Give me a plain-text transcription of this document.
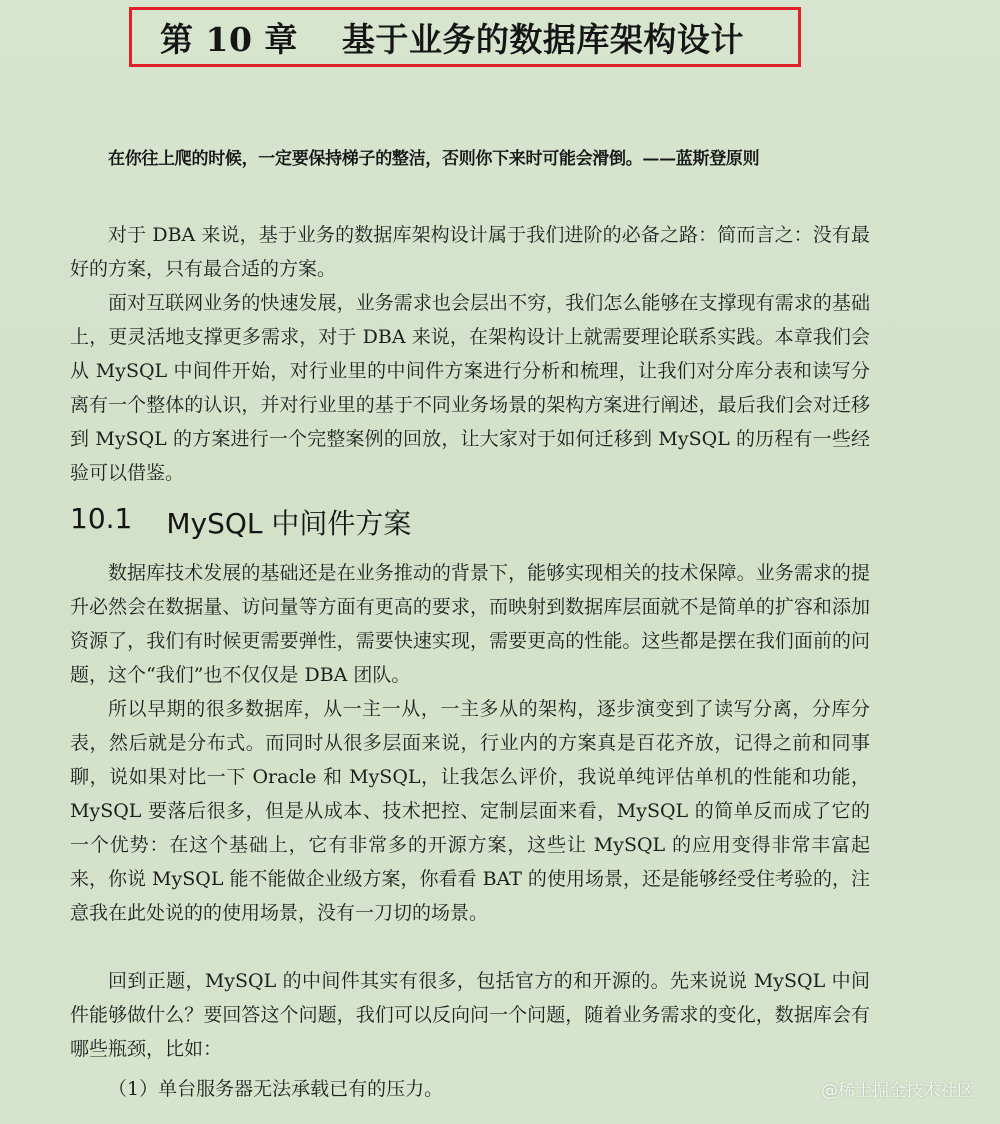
第 10 章 基于业务的数据库架构设计
在你往上爬的时候，一定要保持梯子的整洁，否则你下来时可能会滑倒。——蓝斯登原则

对于 DBA 来说，基于业务的数据库架构设计属于我们进阶的必备之路：简而言之：没有最好的方案，只有最合适的方案。

面对互联网业务的快速发展，业务需求也会层出不穷，我们怎么能够在支撑现有需求的基础上，更灵活地支撑更多需求，对于 DBA 来说，在架构设计上就需要理论联系实践。本章我们会从 MySQL 中间件开始，对行业里的中间件方案进行分析和梳理，让我们对分库分表和读写分离有一个整体的认识，并对行业里的基于不同业务场景的架构方案进行阐述，最后我们会对迁移到 MySQL 的方案进行一个完整案例的回放，让大家对于如何迁移到 MySQL 的历程有一些经验可以借鉴。

10.1 MySQL 中间件方案

数据库技术发展的基础还是在业务推动的背景下，能够实现相关的技术保障。业务需求的提升必然会在数据量、访问量等方面有更高的要求，而映射到数据库层面就不是简单的扩容和添加资源了，我们有时候更需要弹性，需要快速实现，需要更高的性能。这些都是摆在我们面前的问题，这个“我们”也不仅仅是 DBA 团队。

所以早期的很多数据库，从一主一从，一主多从的架构，逐步演变到了读写分离，分库分表，然后就是分布式。而同时从很多层面来说，行业内的方案真是百花齐放，记得之前和同事聊，说如果对比一下 Oracle 和 MySQL，让我怎么评价，我说单纯评估单机的性能和功能，MySQL 要落后很多，但是从成本、技术把控、定制层面来看，MySQL 的简单反而成了它的一个优势：在这个基础上，它有非常多的开源方案，这些让 MySQL 的应用变得非常丰富起来，你说 MySQL 能不能做企业级方案，你看看 BAT 的使用场景，还是能够经受住考验的，注意我在此处说的的使用场景，没有一刀切的场景。

回到正题，MySQL 的中间件其实有很多，包括官方的和开源的。先来说说 MySQL 中间件能够做什么？要回答这个问题，我们可以反向问一个问题，随着业务需求的变化，数据库会有哪些瓶颈，比如：

（1）单台服务器无法承载已有的压力。	@稀土掘金技术社区
